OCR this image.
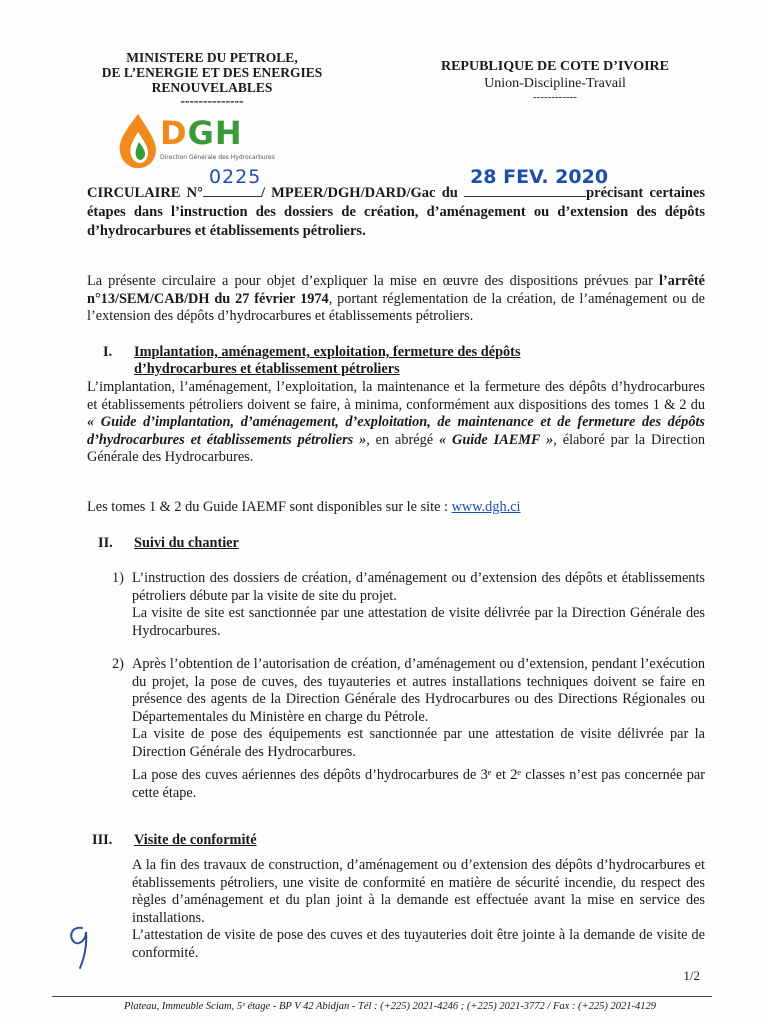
MINISTERE DU PETROLE,
DE L’ENERGIE ET DES ENERGIES
RENOUVELABLES
--------------
REPUBLIQUE DE COTE D’IVOIRE
Union-Discipline-Travail
------------
DGH
Direction Générale des Hydrocarbures
CIRCULAIRE N°
0225
/ MPEER/DGH/DARD/Gac du
28 FEV. 2020
précisant certaines étapes dans l’instruction des dossiers de création, d’aménagement ou d’extension des dépôts d’hydrocarbures et établissements pétroliers.
La présente circulaire a pour objet d’expliquer la mise en œuvre des dispositions prévues par l’arrêté n°13/SEM/CAB/DH du 27 février 1974, portant réglementation de la création, de l’aménagement ou de l’extension des dépôts d’hydrocarbures et établissements pétroliers.
I. Implantation, aménagement, exploitation, fermeture des dépôts
d’hydrocarbures et établissement pétroliers
L’implantation, l’aménagement, l’exploitation, la maintenance et la fermeture des dépôts d’hydrocarbures et établissements pétroliers doivent se faire, à minima, conformément aux dispositions des tomes 1 & 2 du « Guide d’implantation, d’aménagement, d’exploitation, de maintenance et de fermeture des dépôts d’hydrocarbures et établissements pétroliers », en abrégé « Guide IAEMF », élaboré par la Direction Générale des Hydrocarbures.
Les tomes 1 & 2 du Guide IAEMF sont disponibles sur le site : www.dgh.ci
II. Suivi du chantier
1) L’instruction des dossiers de création, d’aménagement ou d’extension des dépôts et établissements pétroliers débute par la visite de site du projet.
La visite de site est sanctionnée par une attestation de visite délivrée par la Direction Générale des Hydrocarbures.
2) Après l’obtention de l’autorisation de création, d’aménagement ou d’extension, pendant l’exécution du projet, la pose de cuves, des tuyauteries et autres installations techniques doivent se faire en présence des agents de la Direction Générale des Hydrocarbures ou des Directions Régionales ou Départementales du Ministère en charge du Pétrole.
La visite de pose des équipements est sanctionnée par une attestation de visite délivrée par la Direction Générale des Hydrocarbures.
La pose des cuves aériennes des dépôts d’hydrocarbures de 3ᵉ et 2ᵉ classes n’est pas concernée par cette étape.
III. Visite de conformité
A la fin des travaux de construction, d’aménagement ou d’extension des dépôts d’hydrocarbures et établissements pétroliers, une visite de conformité en matière de sécurité incendie, du respect des règles d’aménagement et du plan joint à la demande est effectuée avant la mise en service des installations.
L’attestation de visite de pose des cuves et des tuyauteries doit être jointe à la demande de visite de conformité.
1/2
Plateau, Immeuble Sciam, 5ᵉ étage - BP V 42 Abidjan - Tél : (+225) 2021-4246 ; (+225) 2021-3772 / Fax : (+225) 2021-4129
